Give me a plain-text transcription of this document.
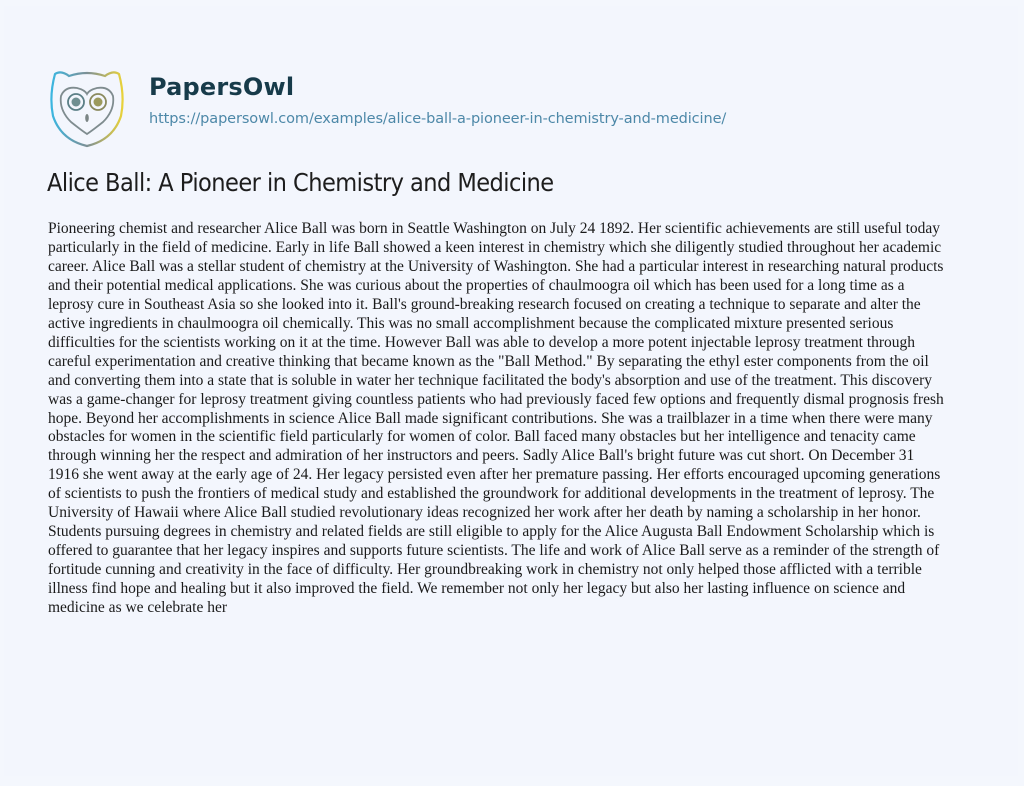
PapersOwl
https://papersowl.com/examples/alice-ball-a-pioneer-in-chemistry-and-medicine/
Alice Ball: A Pioneer in Chemistry and Medicine

Pioneering chemist and researcher Alice Ball was born in Seattle Washington on July 24 1892. Her scientific achievements are still useful today
particularly in the field of medicine. Early in life Ball showed a keen interest in chemistry which she diligently studied throughout her academic
career. Alice Ball was a stellar student of chemistry at the University of Washington. She had a particular interest in researching natural products
and their potential medical applications. She was curious about the properties of chaulmoogra oil which has been used for a long time as a
leprosy cure in Southeast Asia so she looked into it. Ball's ground-breaking research focused on creating a technique to separate and alter the
active ingredients in chaulmoogra oil chemically. This was no small accomplishment because the complicated mixture presented serious
difficulties for the scientists working on it at the time. However Ball was able to develop a more potent injectable leprosy treatment through
careful experimentation and creative thinking that became known as the "Ball Method." By separating the ethyl ester components from the oil
and converting them into a state that is soluble in water her technique facilitated the body's absorption and use of the treatment. This discovery
was a game-changer for leprosy treatment giving countless patients who had previously faced few options and frequently dismal prognosis fresh
hope. Beyond her accomplishments in science Alice Ball made significant contributions. She was a trailblazer in a time when there were many
obstacles for women in the scientific field particularly for women of color. Ball faced many obstacles but her intelligence and tenacity came
through winning her the respect and admiration of her instructors and peers. Sadly Alice Ball's bright future was cut short. On December 31
1916 she went away at the early age of 24. Her legacy persisted even after her premature passing. Her efforts encouraged upcoming generations
of scientists to push the frontiers of medical study and established the groundwork for additional developments in the treatment of leprosy. The
University of Hawaii where Alice Ball studied revolutionary ideas recognized her work after her death by naming a scholarship in her honor.
Students pursuing degrees in chemistry and related fields are still eligible to apply for the Alice Augusta Ball Endowment Scholarship which is
offered to guarantee that her legacy inspires and supports future scientists. The life and work of Alice Ball serve as a reminder of the strength of
fortitude cunning and creativity in the face of difficulty. Her groundbreaking work in chemistry not only helped those afflicted with a terrible
illness find hope and healing but it also improved the field. We remember not only her legacy but also her lasting influence on science and
medicine as we celebrate her
